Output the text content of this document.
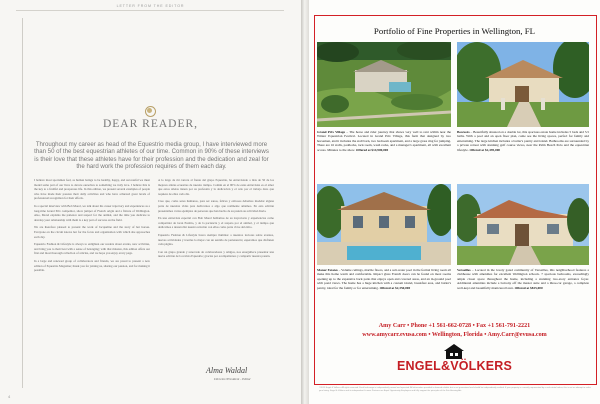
LETTER FROM THE EDITOR
DEAR READER,
Throughout my career as head of the Equestrio media group, I have interviewed more than 50 of the best equestrian athletes of our time. Common in 90% of these interviews is their love that these athletes have for their profession and the dedication and zeal for the hard work the profession requires of them each day.

I believe most sportsmen feel, as human beings to be healthy, happy, and successful we must model some part of our lives to devote ourselves to something we truly love. I believe this is the key to a fruitful and prosperous life. In this edition, we present several examples of people who have made their passion their daily activities and who have achieved great levels of professional recognition for their efforts.

In a special interview with Bob Morel, we talk about his career trajectory and experiences as a long-time Grand Prix competitor, show jumper of French origin and a fixture of Wellington. Also, Morel explains the patience and respect for the animal, and the time you dedicate to develop your relationship with them is a key part of success on the field.

We are therefore pleased to present the work of Jacqueline and the story of her horses. Everyone on the circuit knows her for the focus and organization with which she approaches each day.

Equestrio Fashion & Lifestyle is always to enlighten our readers about events, new activities, and bring you to their best with a sense of belonging; with that mission, this edition offers our first and most thorough collection of articles, and we hope you enjoy every page.

In a large and renewed group of collaborators and friends, we are proud to present a new edition of Equestrio Magazine; thank you for joining us, sharing our passion, and for making it possible.

A lo largo de mi carrera al frente del grupo Equestrio, he entrevistado a más de 50 de los mejores atletas ecuestres de nuestro tiempo. Común en el 90% de estas entrevistas es el amor que estos atletas tienen por su profesión y la dedicación y el celo por el trabajo duro que requiere de ellos cada día.

Creo que, como seres humanos, para ser sanos, felices y exitosos debemos modelar alguna parte de nuestras vidas para dedicarnos a algo que realmente amamos. En esta edición presentamos varios ejemplos de personas que han hecho de su pasión su actividad diaria.

En una entrevista especial con Bob Morel hablamos de su trayectoria y experiencias como competidor de Gran Premio, y de la paciencia y el respeto por el animal, y el tiempo que dedicamos a desarrollar nuestra relación con ellos como parte clave del éxito.

Equestrio Fashion & Lifestyle busca siempre iluminar a nuestros lectores sobre eventos, nuevas actividades y traerles lo mejor con un sentido de pertenencia; esperamos que disfruten cada página.

Con un grupo grande y renovado de colaboradores y amigos, nos enorgullece presentar una nueva edición de la revista Equestrio; gracias por acompañarnos y compartir nuestra pasión.

Alma Waldal
Director/President - Editor
4
Portfolio of Fine Properties in Wellington, FL
Grand Prix Village – The horse and rider journey that shows very well to rent within near the Winter Equestrian Festival. Located in Grand Prix Village, this farm that designed by two horsemen, and it includes the stall barn, two bedroom apartment, and a large grass ring for jumping. There are 16 stalls, paddocks, tack room, wash racks, and a manager's apartment, all with excellent access. Minutes to the show. Offered at $14,900,000
Bowtosis – Beautifully situated on a double lot, this spacious estate home includes 5 beds and 5.5 baths. With a pool and an open floor plan, come see the living spaces, perfect for family and entertaining. The large kitchen includes a butler's pantry and island. Bathrooms are surrounded by a private retreat with stunning golf course views, near the Palm Beach Polo and the equestrian lifestyle. Offered at $2,495,000
Manor Estates – Volume ceilings, marble floors, and a salt-water pool in the formal living room all make this home warm and comfortable. Impact glass French doors can be found on most rooms opening up to the expansive back patio that enjoys open and covered areas, and an in-ground pool with pond views. The home has a huge kitchen with a custom island, breakfast area, and butler's pantry, ideal for the family or for entertaining. Offered at $2,350,000
Versailles – Located in the lovely gated community of Versailles, this neighborhood features a clubhouse with amenities for excellent Wellington schools. 7 spacious bedrooms, exceedingly ample closet space throughout the home, including a stunning two-story entrance foyer. Additional amenities include a balcony off the master suite and a three-car garage, a complete well-kept and beautifully manicured lawn. Offered at $825,000
Amy Carr • Phone +1 561-662-0728 • Fax +1 561-791-2221
www.amycarr.evusa.com • Wellington, Florida • Amy.Carr@evusa.com
ENGEL&VÖLKERS
©2015 Engel & Völkers. All rights reserved. Each brokerage is independently owned and operated. All information provided is deemed reliable but is not guaranteed and should be independently verified. If your property is currently represented by a real estate broker, this is not an attempt to solicit your listing. Engel & Völkers and its independent License Partners are Equal Opportunity Employers and fully support the principles of the Fair Housing Act.
